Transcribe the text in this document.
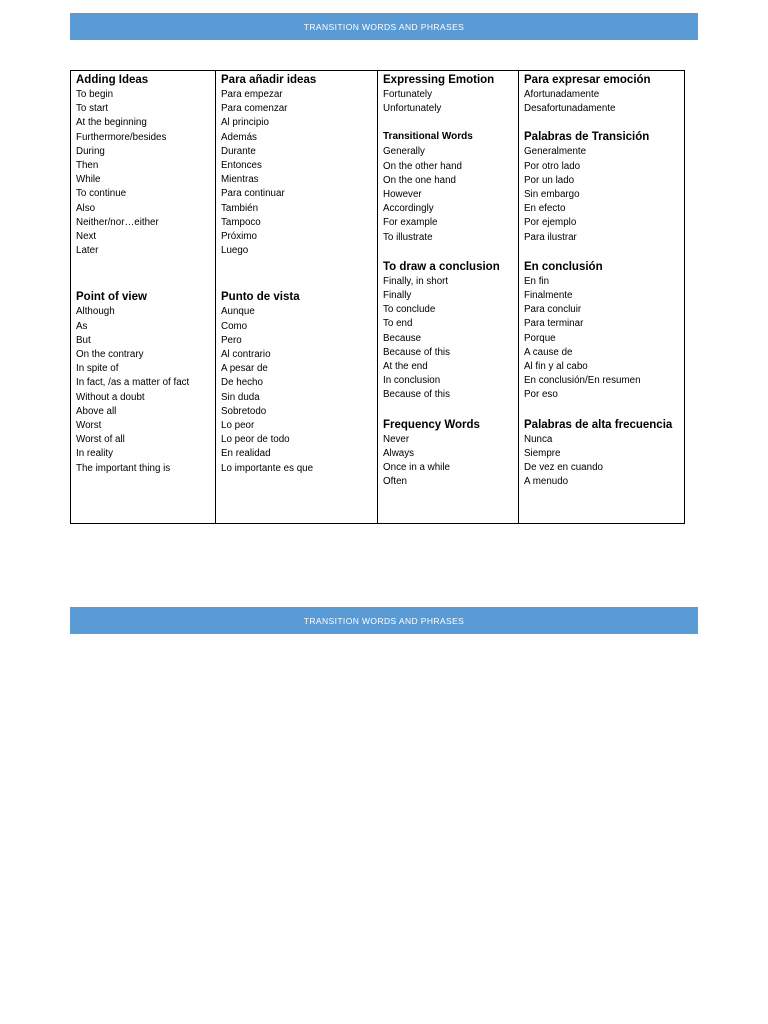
TRANSITION WORDS AND PHRASES
Adding Ideas
To begin
To start
At the beginning
Furthermore/besides
During
Then
While
To continue
Also
Neither/nor…either
Next
Later
Point of view
Although
As
But
On the contrary
In spite of
In fact, /as a matter of fact
Without a doubt
Above all
Worst
Worst of all
In reality
The important thing is
Para añadir ideas
Para empezar
Para comenzar
Al principio
Además
Durante
Entonces
Mientras
Para continuar
También
Tampoco
Próximo
Luego
Punto de vista
Aunque
Como
Pero
Al contrario
A pesar de
De hecho
Sin duda
Sobretodo
Lo peor
Lo peor de todo
En realidad
Lo importante es que
Expressing Emotion
Fortunately
Unfortunately
Transitional Words
Generally
On the other hand
On the one hand
However
Accordingly
For example
To illustrate
To draw a conclusion
Finally, in short
Finally
To conclude
To end
Because
Because of this
At the end
In conclusion
Because of this
Frequency Words
Never
Always
Once in a while
Often
Para expresar emoción
Afortunadamente
Desafortunadamente
Palabras de Transición
Generalmente
Por otro lado
Por un lado
Sin embargo
En efecto
Por ejemplo
Para ilustrar
En conclusión
En fin
Finalmente
Para concluir
Para terminar
Porque
A cause de
Al fin y al cabo
En conclusión/En resumen
Por eso
Palabras de alta frecuencia
Nunca
Siempre
De vez en cuando
A menudo
TRANSITION WORDS AND PHRASES
